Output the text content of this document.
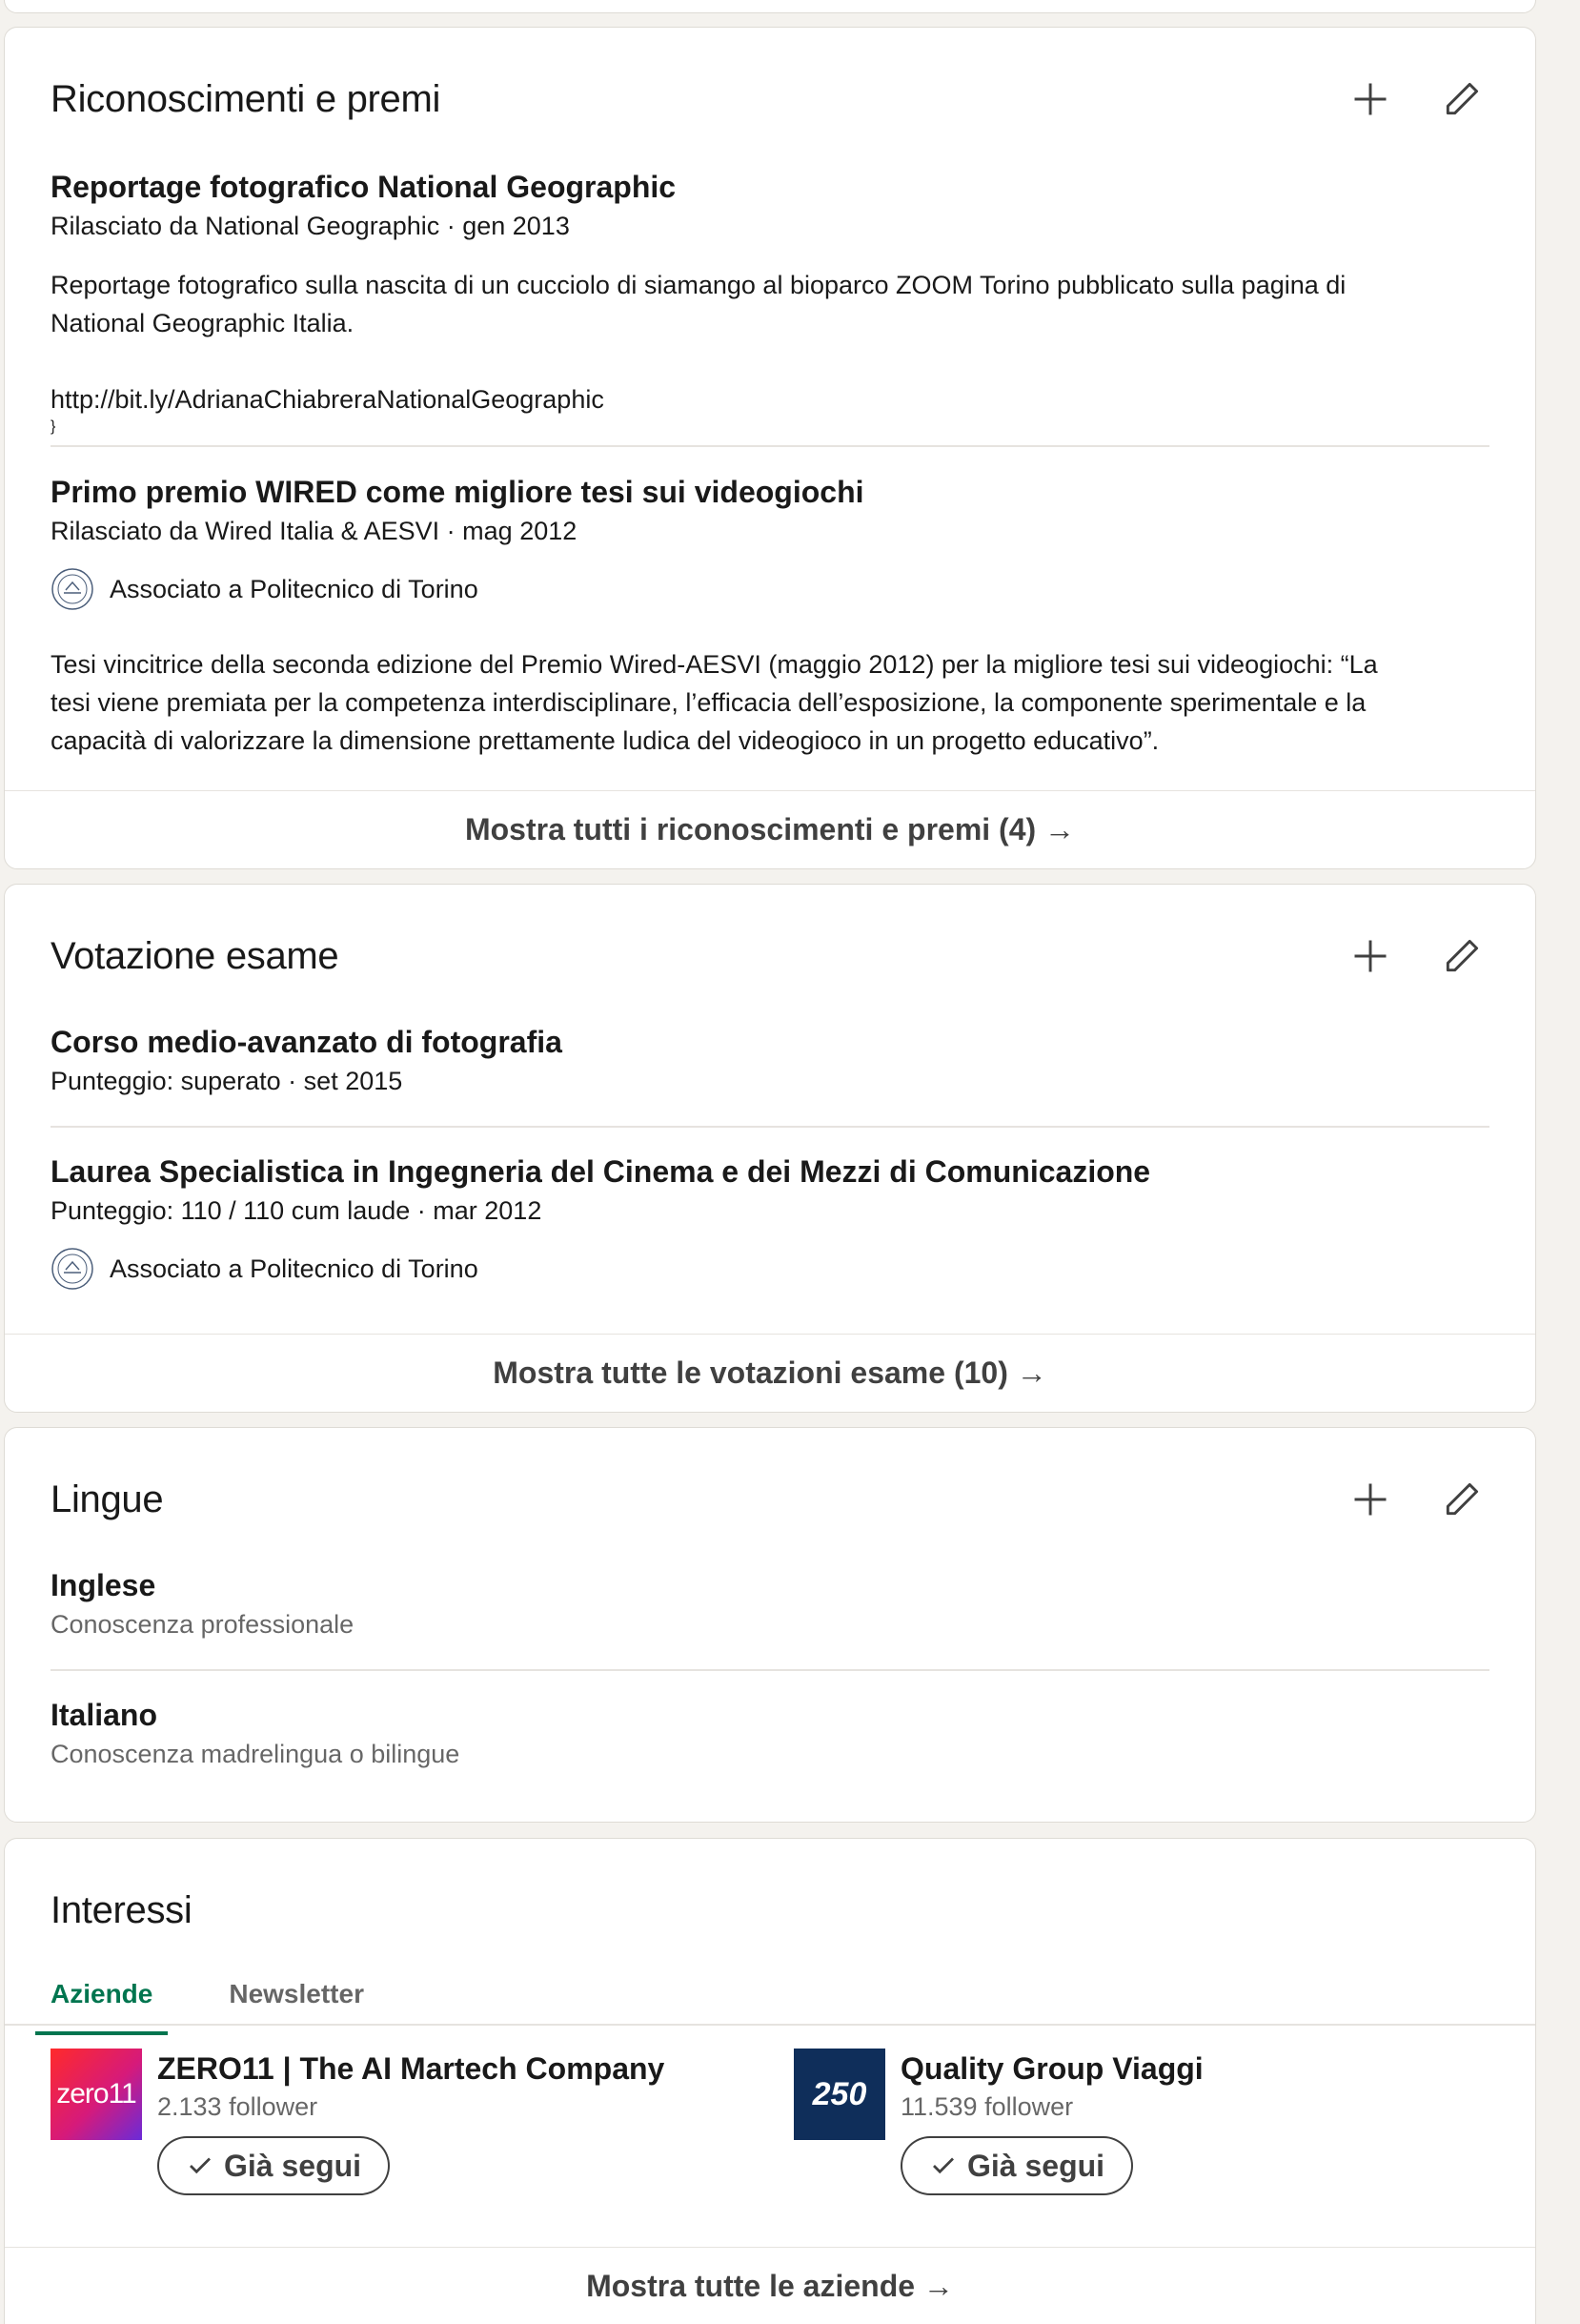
Riconoscimenti e premi
Reportage fotografico National Geographic
Rilasciato da National Geographic · gen 2013
Reportage fotografico sulla nascita di un cucciolo di siamango al bioparco ZOOM Torino pubblicato sulla pagina di
National Geographic Italia.
http://bit.ly/AdrianaChiabreraNationalGeographic
}
Primo premio WIRED come migliore tesi sui videogiochi
Rilasciato da Wired Italia & AESVI · mag 2012
Associato a Politecnico di Torino
Tesi vincitrice della seconda edizione del Premio Wired-AESVI (maggio 2012) per la migliore tesi sui videogiochi: “La
tesi viene premiata per la competenza interdisciplinare, l’efficacia dell’esposizione, la componente sperimentale e la
capacità di valorizzare la dimensione prettamente ludica del videogioco in un progetto educativo”.
Mostra tutti i riconoscimenti e premi (4) →
Votazione esame
Corso medio-avanzato di fotografia
Punteggio: superato · set 2015
Laurea Specialistica in Ingegneria del Cinema e dei Mezzi di Comunicazione
Punteggio: 110 / 110 cum laude · mar 2012
Associato a Politecnico di Torino
Mostra tutte le votazioni esame (10) →
Lingue
Inglese
Conoscenza professionale
Italiano
Conoscenza madrelingua o bilingue
Interessi
Aziende	Newsletter
zero11
ZERO11 | The AI Martech Company
2.133 follower
Già segui
250
Quality Group Viaggi
11.539 follower
Già segui
Mostra tutte le aziende →
